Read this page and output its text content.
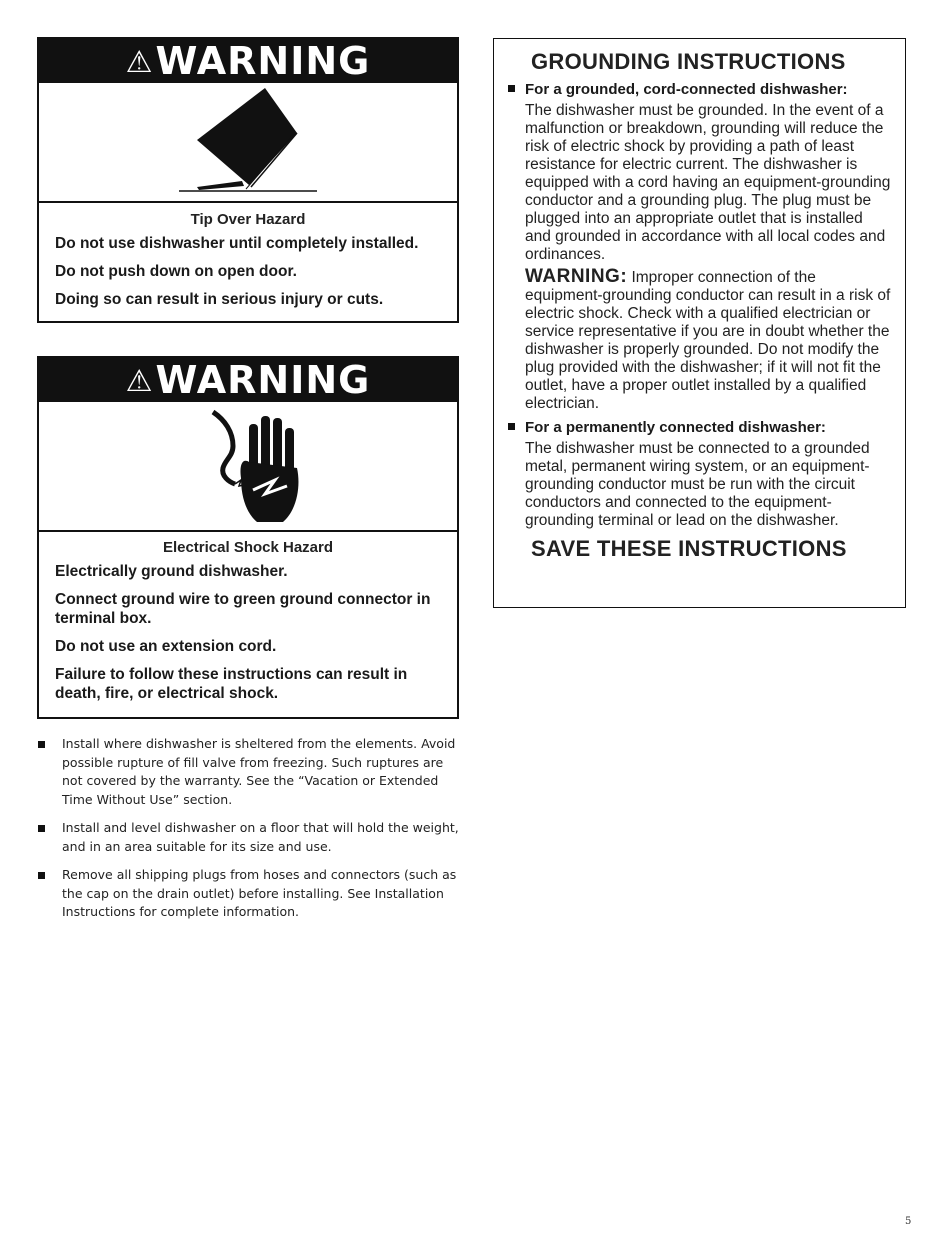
⚠WARNING
Tip Over Hazard
Do not use dishwasher until completely installed.
Do not push down on open door.
Doing so can result in serious injury or cuts.
⚠WARNING
Electrical Shock Hazard
Electrically ground dishwasher.
Connect ground wire to green ground connector in terminal box.
Do not use an extension cord.
Failure to follow these instructions can result in death, fire, or electrical shock.
GROUNDING INSTRUCTIONS
For a grounded, cord-connected dishwasher:
The dishwasher must be grounded. In the event of a malfunction or breakdown, grounding will reduce the risk of electric shock by providing a path of least resistance for electric current. The dishwasher is equipped with a cord having an equipment-grounding conductor and a grounding plug. The plug must be plugged into an appropriate outlet that is installed and grounded in accordance with all local codes and ordinances.
WARNING: Improper connection of the equipment-grounding conductor can result in a risk of electric shock. Check with a qualified electrician or service representative if you are in doubt whether the dishwasher is properly grounded. Do not modify the plug provided with the dishwasher; if it will not fit the outlet, have a proper outlet installed by a qualified electrician.
For a permanently connected dishwasher:
The dishwasher must be connected to a grounded metal, permanent wiring system, or an equipment-grounding conductor must be run with the circuit conductors and connected to the equipment-grounding terminal or lead on the dishwasher.
SAVE THESE INSTRUCTIONS
Install where dishwasher is sheltered from the elements. Avoid possible rupture of fill valve from freezing. Such ruptures are not covered by the warranty. See the “Vacation or Extended Time Without Use” section.
Install and level dishwasher on a floor that will hold the weight, and in an area suitable for its size and use.
Remove all shipping plugs from hoses and connectors (such as the cap on the drain outlet) before installing. See Installation Instructions for complete information.
5
